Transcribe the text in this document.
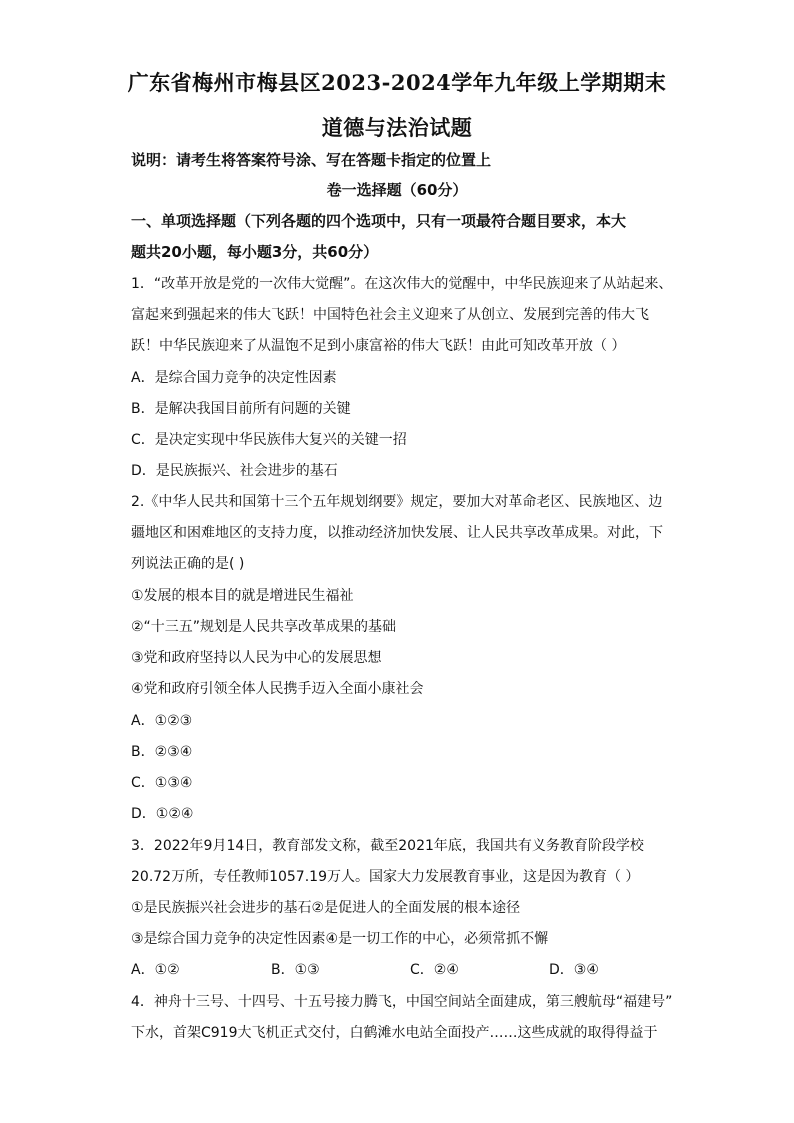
广东省梅州市梅县区2023-2024学年九年级上学期期末
道德与法治试题
说明：请考生将答案符号涂、写在答题卡指定的位置上
卷一选择题（60分）
一、单项选择题（下列各题的四个选项中，只有一项最符合题目要求，本大
题共20小题，每小题3分，共60分）
1．“改革开放是党的一次伟大觉醒”。在这次伟大的觉醒中，中华民族迎来了从站起来、
富起来到强起来的伟大飞跃！中国特色社会主义迎来了从创立、发展到完善的伟大飞
跃！中华民族迎来了从温饱不足到小康富裕的伟大飞跃！由此可知改革开放（ ）
A．是综合国力竞争的决定性因素
B．是解决我国目前所有问题的关键
C．是决定实现中华民族伟大复兴的关键一招
D．是民族振兴、社会进步的基石
2.《中华人民共和国第十三个五年规划纲要》规定，要加大对革命老区、民族地区、边
疆地区和困难地区的支持力度，以推动经济加快发展、让人民共享改革成果。对此，下
列说法正确的是( )
①发展的根本目的就是增进民生福祉
②“十三五”规划是人民共享改革成果的基础
③党和政府坚持以人民为中心的发展思想
④党和政府引领全体人民携手迈入全面小康社会
A．①②③
B．②③④
C．①③④
D．①②④
3．2022年9月14日，教育部发文称，截至2021年底，我国共有义务教育阶段学校
20.72万所，专任教师1057.19万人。国家大力发展教育事业，这是因为教育（ ）
①是民族振兴社会进步的基石②是促进人的全面发展的根本途径
③是综合国力竞争的决定性因素④是一切工作的中心，必须常抓不懈
A．①②	B．①③	C．②④	D．③④
4．神舟十三号、十四号、十五号接力腾飞，中国空间站全面建成，第三艘航母“福建号”
下水，首架C919大飞机正式交付，白鹤滩水电站全面投产……这些成就的取得得益于
